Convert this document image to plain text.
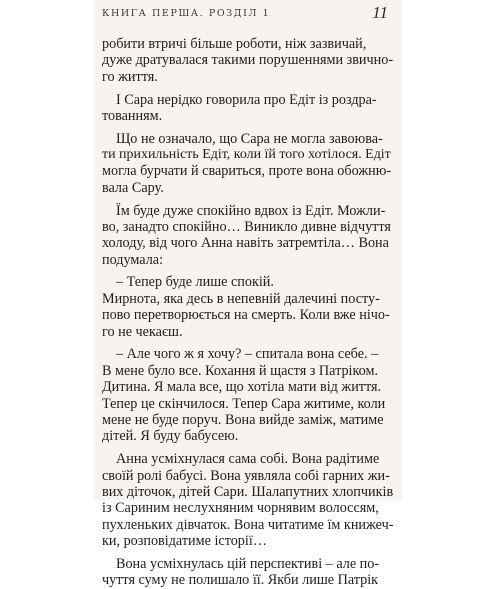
КНИГА ПЕРША. РОЗДІЛ 1	11
робити втричі більше роботи, ніж зазвичай,
дуже дратувалася такими порушеннями звично-
го життя.
І Сара нерідко говорила про Едіт із роздра-
тованням.
Що не означало, що Сара не могла завоюва-
ти прихильність Едіт, коли їй того хотілося. Едіт
могла бурчати й свариться, проте вона обожню-
вала Сару.
Їм буде дуже спокійно вдвох із Едіт. Можли-
во, занадто спокійно… Виникло дивне відчуття
холоду, від чого Анна навіть затремтіла… Вона
подумала:
– Тепер буде лише спокій.
Мирнота, яка десь в непевній далечині посту-
пово перетворюється на смерть. Коли вже нічо-
го не чекаєш.
– Але чого ж я хочу? – спитала вона себе. –
В мене було все. Кохання й щастя з Патріком.
Дитина. Я мала все, що хотіла мати від життя.
Тепер це скінчилося. Тепер Сара житиме, коли
мене не буде поруч. Вона вийде заміж, матиме
дітей. Я буду бабусею.
Анна усміхнулася сама собі. Вона радітиме
своїй ролі бабусі. Вона уявляла собі гарних жи-
вих діточок, дітей Сари. Шалапутних хлопчиків
із Сариним неслухняним чорнявим волоссям,
пухленьких дівчаток. Вона читатиме їм книжеч-
ки, розповідатиме історії…
Вона усміхнулась цій перспективі – але по-
чуття суму не полишало її. Якби лише Патрік
